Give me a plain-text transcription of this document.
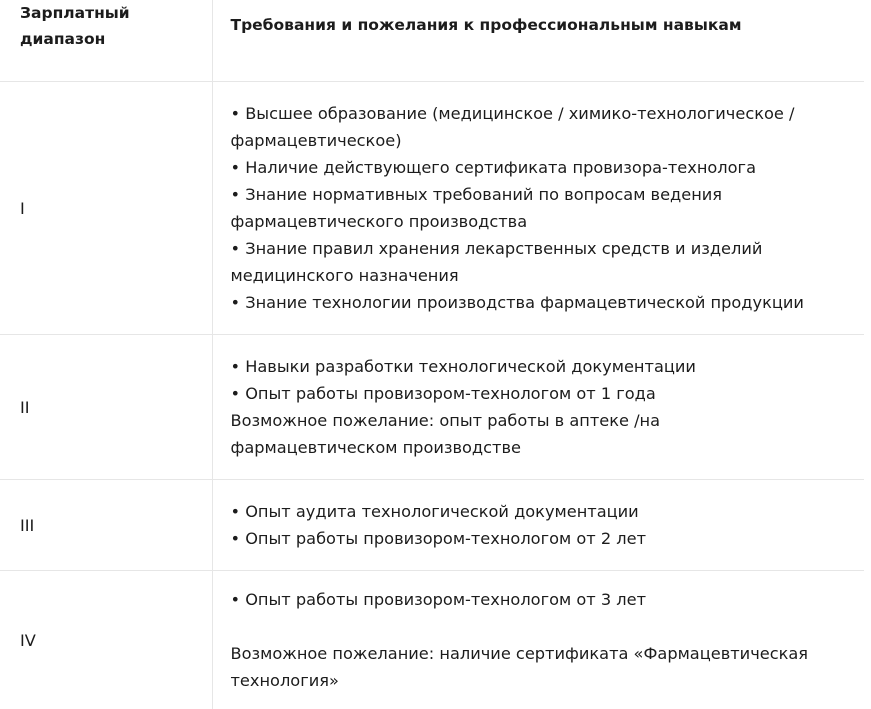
Зарплатный диапазон	Требования и пожелания к профессиональным навыкам
I	• Высшее образование (медицинское / химико-технологическое / фармацевтическое)
• Наличие действующего сертификата провизора-технолога
• Знание нормативных требований по вопросам ведения фармацевтического производства
• Знание правил хранения лекарственных средств и изделий медицинского назначения
• Знание технологии производства фармацевтической продукции

II	• Навыки разработки технологической документации
• Опыт работы провизором-технологом от 1 года
Возможное пожелание: опыт работы в аптеке /на фармацевтическом производстве

III	• Опыт аудита технологической документации
• Опыт работы провизором-технологом от 2 лет

IV	• Опыт работы провизором-технологом от 3 лет
Возможное пожелание: наличие сертификата «Фармацевтическая технология»
